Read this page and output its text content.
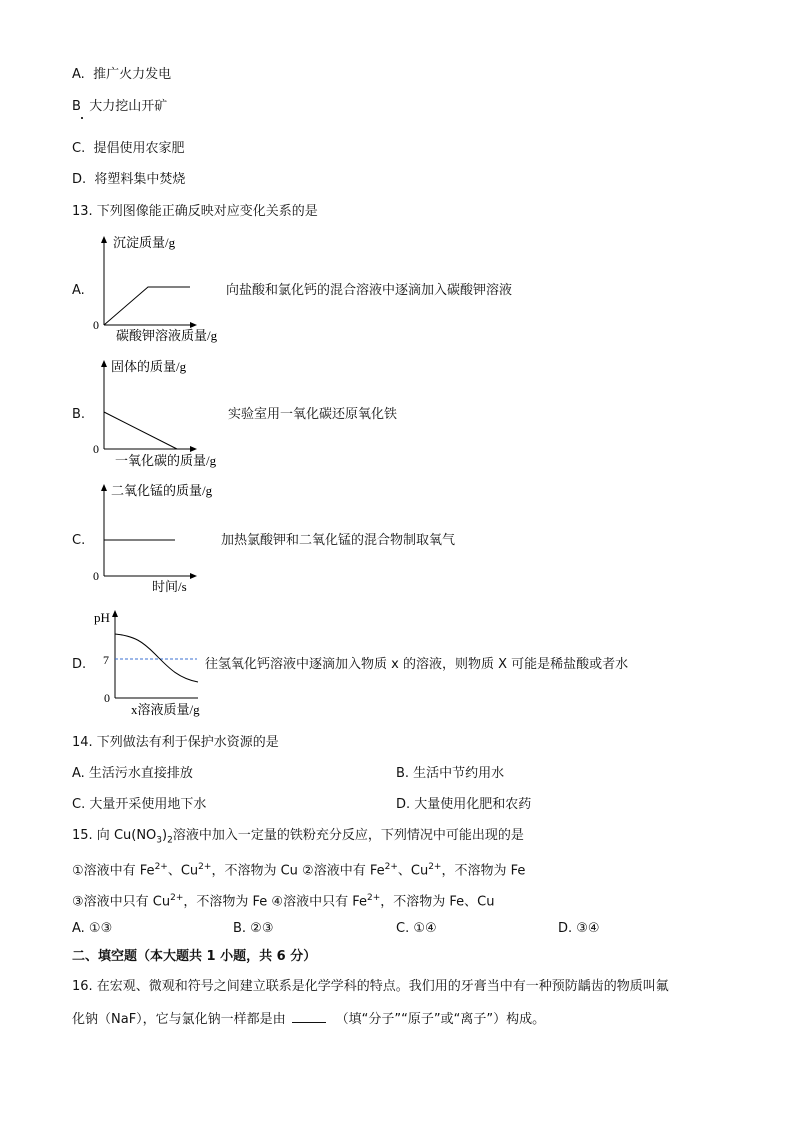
A. 推广火力发电
B 大力挖山开矿
C. 提倡使用农家肥
D. 将塑料集中焚烧
13. 下列图像能正确反映对应变化关系的是
A.
沉淀质量/g
0
碳酸钾溶液质量/g
向盐酸和氯化钙的混合溶液中逐滴加入碳酸钾溶液
B.
固体的质量/g
0
一氧化碳的质量/g
实验室用一氧化碳还原氧化铁
C.
二氧化锰的质量/g
0
时间/s
加热氯酸钾和二氧化锰的混合物制取氧气
D.
pH
7
0
x溶液质量/g
往氢氧化钙溶液中逐滴加入物质 x 的溶液，则物质 X 可能是稀盐酸或者水
14. 下列做法有利于保护水资源的是
A. 生活污水直接排放	B. 生活中节约用水
C. 大量开采使用地下水	D. 大量使用化肥和农药
15. 向 $Cu(NO_3)_2$溶液中加入一定量的铁粉充分反应，下列情况中可能出现的是
①溶液中有 $Fe^{2+}$、$Cu^{2+}$，不溶物为 Cu ②溶液中有 $Fe^{2+}$、$Cu^{2+}$，不溶物为 Fe
③溶液中只有 $Cu^{2+}$，不溶物为 Fe ④溶液中只有 $Fe^{2+}$，不溶物为 Fe、Cu
A. ①③	B. ②③	C. ①④	D. ③④
二、填空题（本大题共 1 小题，共 6 分）
16. 在宏观、微观和符号之间建立联系是化学学科的特点。我们用的牙膏当中有一种预防龋齿的物质叫氟
化钠（NaF），它与氯化钠一样都是由	（填“分子”“原子”或“离子”）构成。
